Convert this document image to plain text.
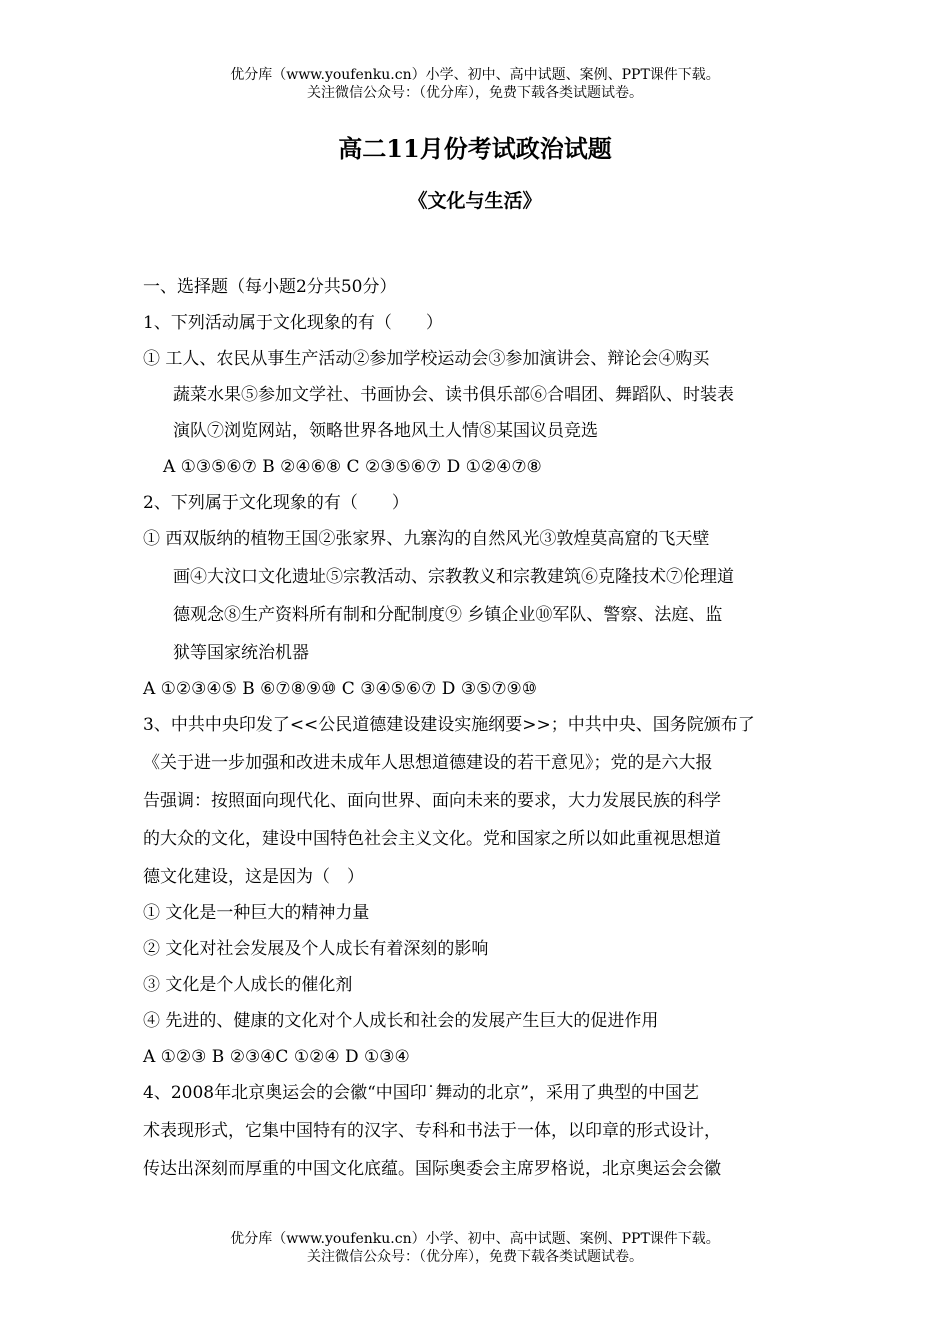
优分库（www.youfenku.cn）小学、初中、高中试题、案例、PPT课件下载。
关注微信公众号：（优分库），免费下载各类试题试卷。
高二11月份考试政治试题
《文化与生活》
一、选择题（每小题2分共50分）
1、下列活动属于文化现象的有（　　）
① 工人、农民从事生产活动②参加学校运动会③参加演讲会、辩论会④购买
蔬菜水果⑤参加文学社、书画协会、读书俱乐部⑥合唱团、舞蹈队、时装表
演队⑦浏览网站，领略世界各地风土人情⑧某国议员竞选
A ①③⑤⑥⑦ B ②④⑥⑧ C ②③⑤⑥⑦ D ①②④⑦⑧
2、下列属于文化现象的有（　　）
① 西双版纳的植物王国②张家界、九寨沟的自然风光③敦煌莫高窟的飞天壁
画④大汶口文化遗址⑤宗教活动、宗教教义和宗教建筑⑥克隆技术⑦伦理道
德观念⑧生产资料所有制和分配制度⑨ 乡镇企业⑩军队、警察、法庭、监
狱等国家统治机器
A ①②③④⑤ B ⑥⑦⑧⑨⑩ C ③④⑤⑥⑦ D ③⑤⑦⑨⑩
3、中共中央印发了<<公民道德建设建设实施纲要>>；中共中央、国务院颁布了
《关于进一步加强和改进未成年人思想道德建设的若干意见》；党的是六大报
告强调：按照面向现代化、面向世界、面向未来的要求，大力发展民族的科学
的大众的文化，建设中国特色社会主义文化。党和国家之所以如此重视思想道
德文化建设，这是因为（　）
① 文化是一种巨大的精神力量
② 文化对社会发展及个人成长有着深刻的影响
③ 文化是个人成长的催化剂
④ 先进的、健康的文化对个人成长和社会的发展产生巨大的促进作用
A ①②③ B ②③④C ①②④ D ①③④
4、2008年北京奥运会的会徽“中国印˙舞动的北京”，采用了典型的中国艺
术表现形式，它集中国特有的汉字、专科和书法于一体，以印章的形式设计，
传达出深刻而厚重的中国文化底蕴。国际奥委会主席罗格说，北京奥运会会徽
优分库（www.youfenku.cn）小学、初中、高中试题、案例、PPT课件下载。
关注微信公众号：（优分库），免费下载各类试题试卷。
